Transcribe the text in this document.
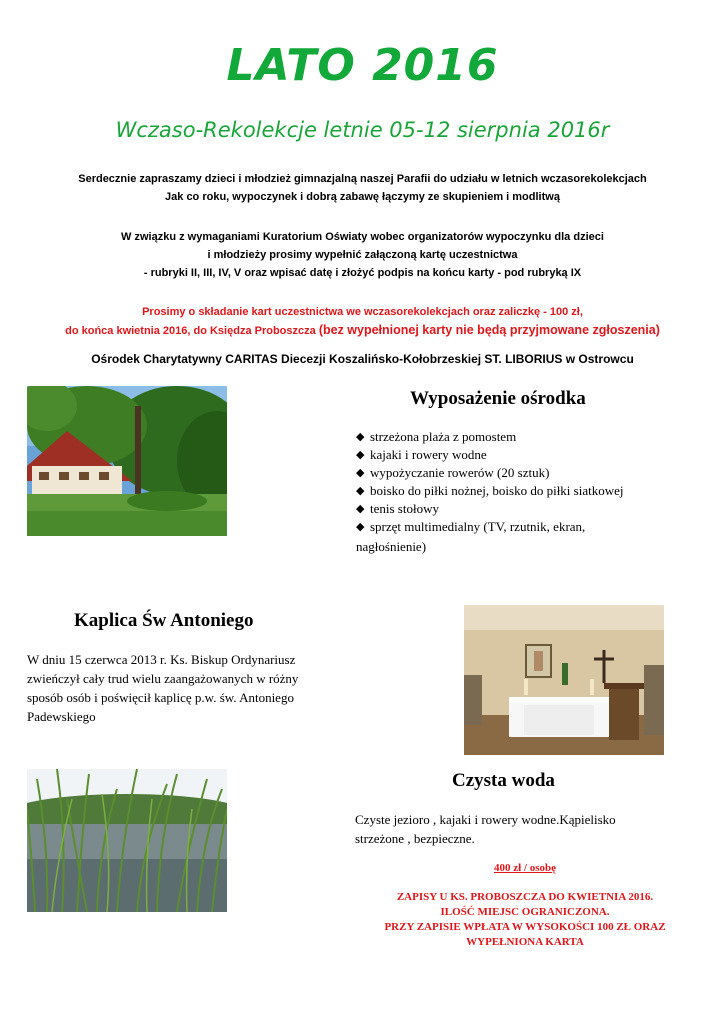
LATO 2016
Wczaso-Rekolekcje letnie 05-12 sierpnia 2016r
Serdecznie zapraszamy dzieci i młodzież gimnazjalną naszej Parafii do udziału w letnich wczasorekolekcjach
Jak co roku, wypoczynek i dobrą zabawę łączymy ze skupieniem i modlitwą
W związku z wymaganiami Kuratorium Oświaty wobec organizatorów wypoczynku dla dzieci
i młodzieży prosimy wypełnić załączoną kartę uczestnictwa
- rubryki II, III, IV, V oraz wpisać datę i złożyć podpis na końcu karty - pod rubryką IX
Prosimy o składanie kart uczestnictwa we wczasorekolekcjach oraz zaliczkę - 100 zł,
do końca kwietnia 2016, do Księdza Proboszcza (bez wypełnionej karty nie będą przyjmowane zgłoszenia)
Ośrodek Charytatywny CARITAS Diecezji Koszalińsko-Kołobrzeskiej ST. LIBORIUS w Ostrowcu
Wyposażenie ośrodka
◆ strzeżona plaża z pomostem
◆ kajaki i rowery wodne
◆ wypożyczanie rowerów (20 sztuk)
◆ boisko do piłki nożnej, boisko do piłki siatkowej
◆ tenis stołowy
◆ sprzęt multimedialny (TV, rzutnik, ekran,
nagłośnienie)
Kaplica Św Antoniego
W dniu 15 czerwca 2013 r. Ks. Biskup Ordynariusz
zwieńczył cały trud wielu zaangażowanych w różny
sposób osób i poświęcił kaplicę p.w. św. Antoniego
Padewskiego
Czysta woda
Czyste jezioro , kajaki i rowery wodne.Kąpielisko
strzeżone , bezpieczne.
400 zł / osobę
ZAPISY U KS. PROBOSZCZA DO KWIETNIA 2016.
ILOŚĆ MIEJSC OGRANICZONA.
PRZY ZAPISIE WPŁATA W WYSOKOŚCI 100 ZŁ ORAZ
WYPEŁNIONA KARTA
